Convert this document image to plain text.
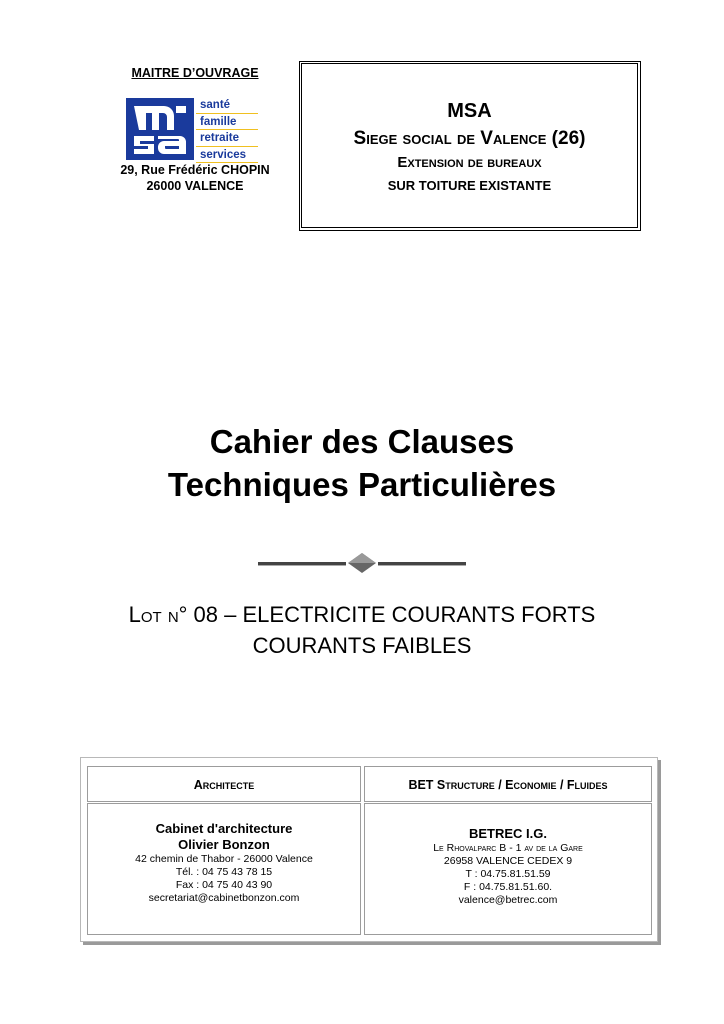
MAITRE D’OUVRAGE
santé
famille
retraite
services
29, Rue Frédéric CHOPIN
26000 VALENCE
MSA
Siege social de Valence (26)
Extension de bureaux
SUR TOITURE EXISTANTE
Cahier des Clauses
Techniques Particulières
Lot n° 08 – ELECTRICITE COURANTS FORTS
COURANTS FAIBLES
Architecte	BET Structure / Economie / Fluides
Cabinet d'architecture
Olivier Bonzon
42 chemin de Thabor - 26000 Valence
Tél. : 04 75 43 78 15
Fax : 04 75 40 43 90
secretariat@cabinetbonzon.com
BETREC I.G.
Le Rhovalparc B - 1 av de la Gare
26958 VALENCE CEDEX 9
T : 04.75.81.51.59
F : 04.75.81.51.60.
valence@betrec.com
